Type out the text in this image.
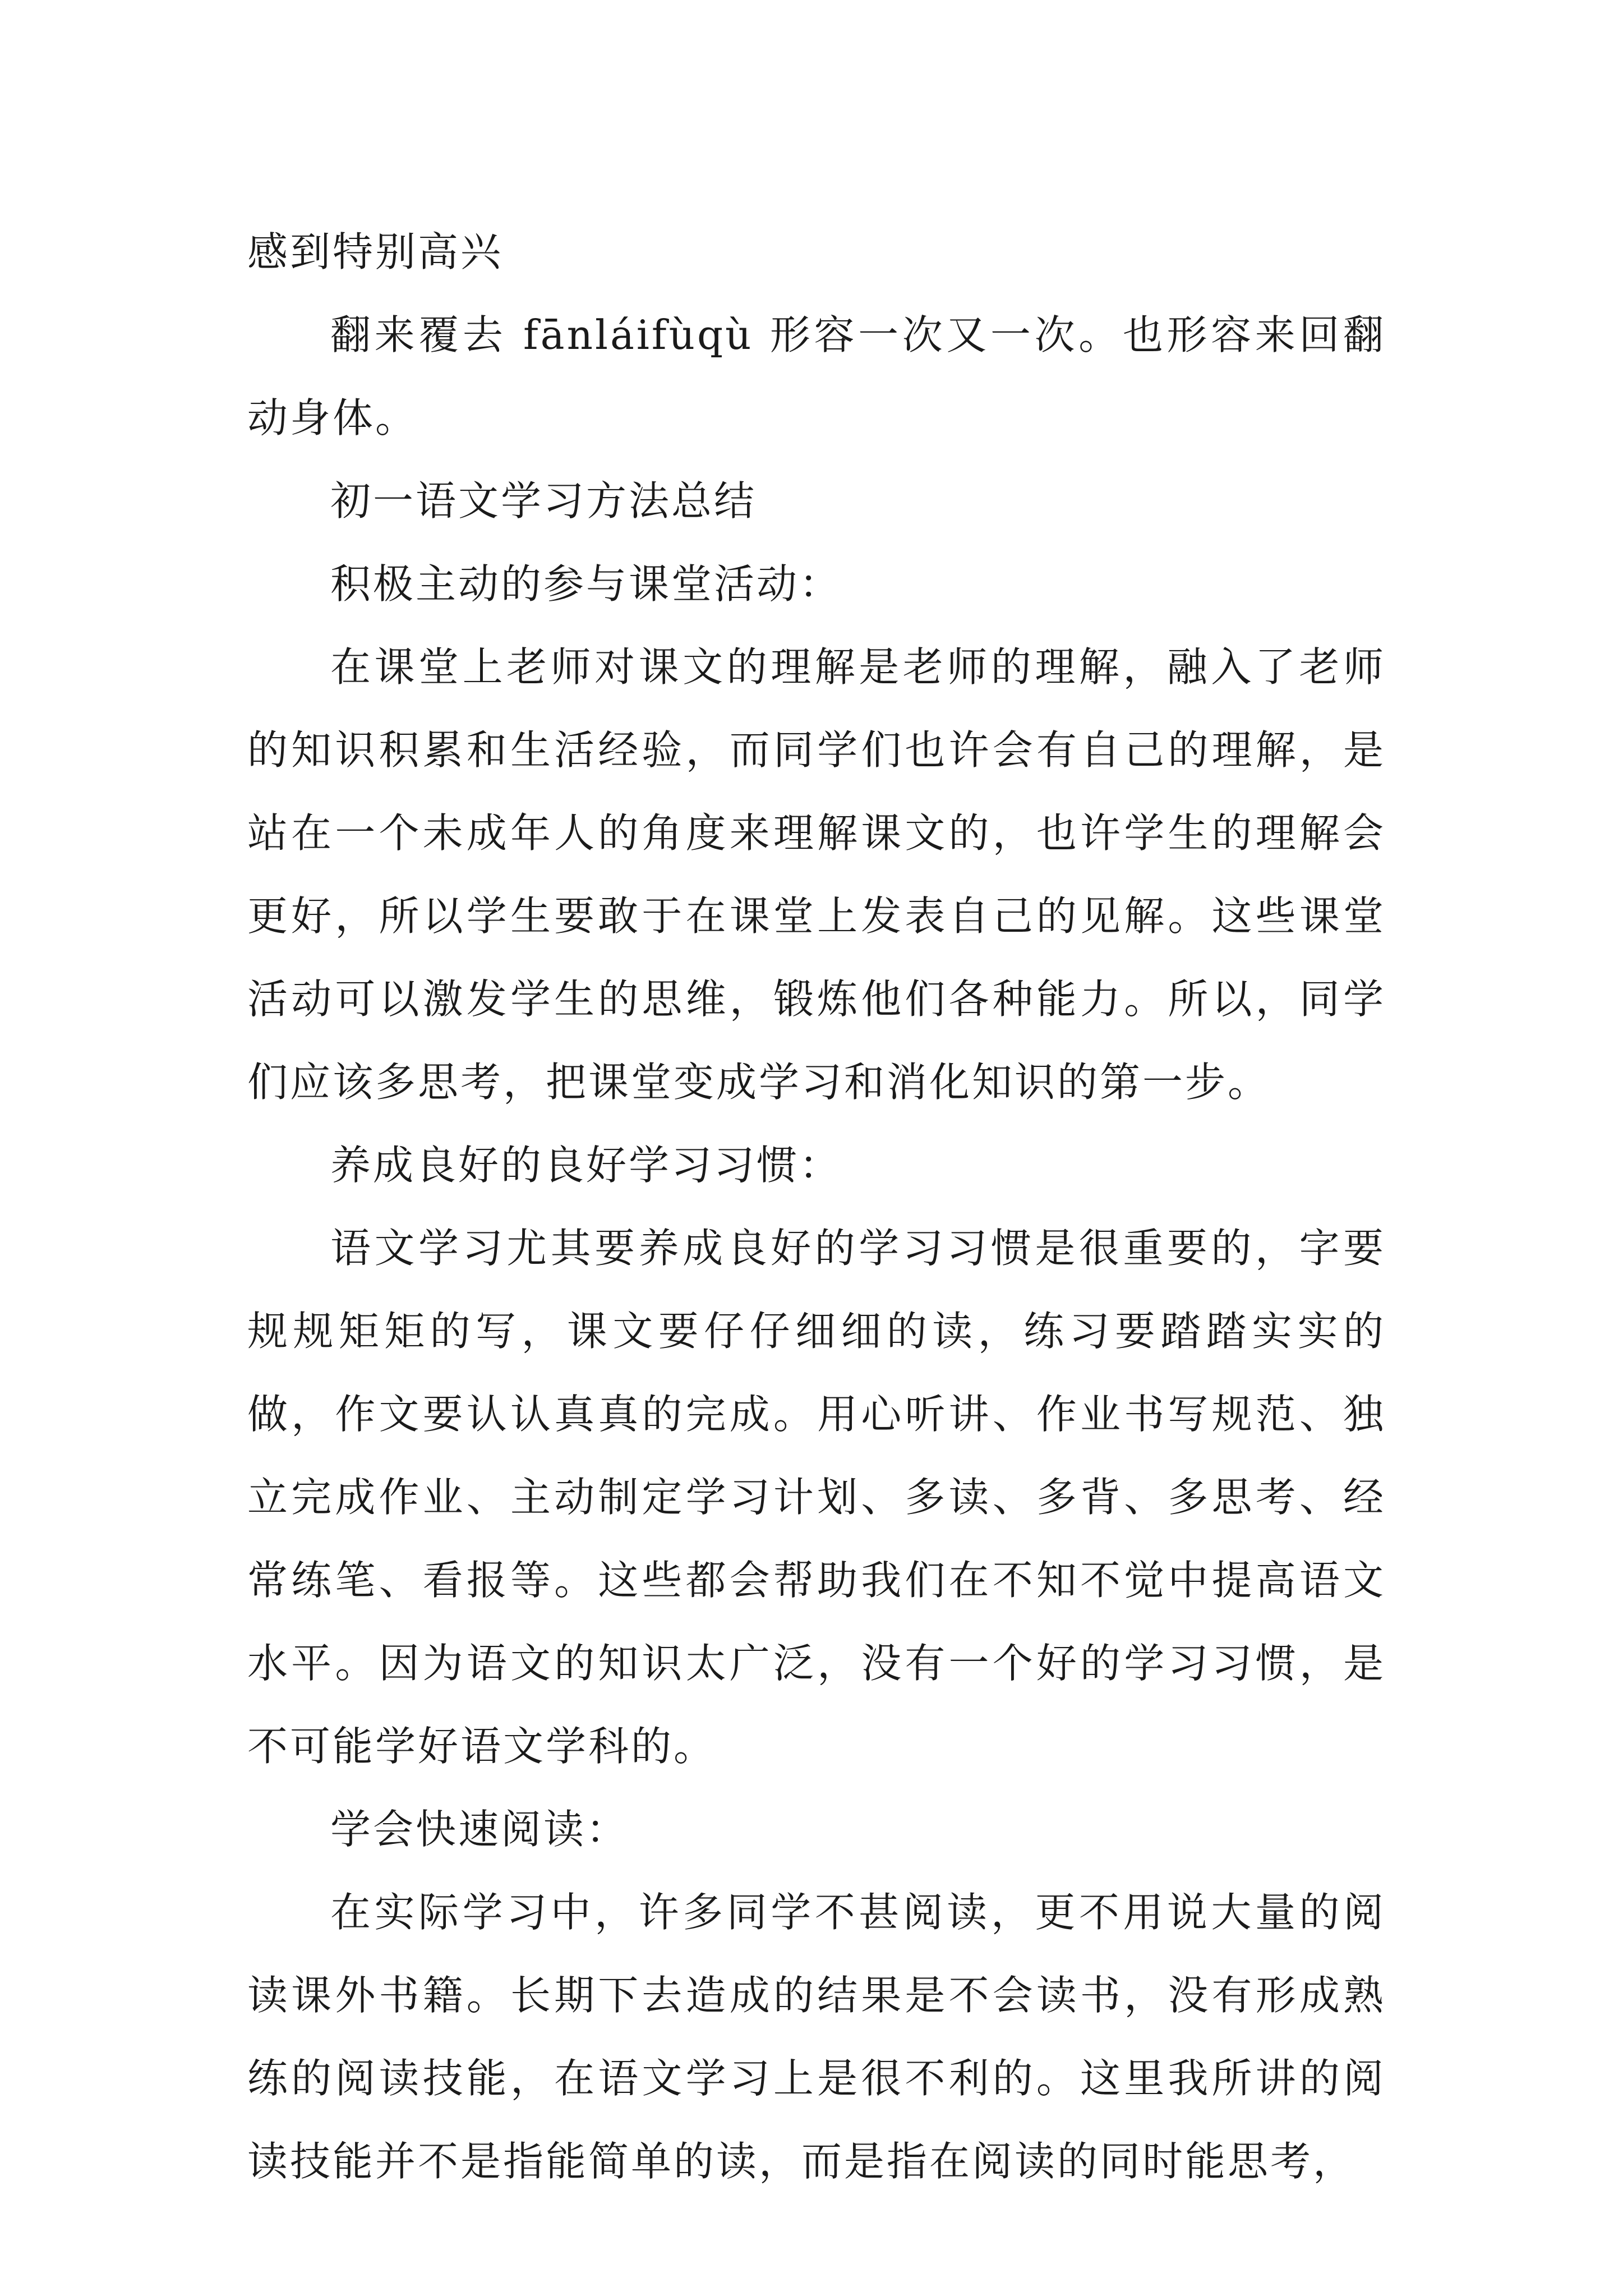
感到特别高兴

翻来覆去 fānláifùqù 形容一次又一次。也形容来回翻动身体。

初一语文学习方法总结

积极主动的参与课堂活动：

在课堂上老师对课文的理解是老师的理解，融入了老师的知识积累和生活经验，而同学们也许会有自己的理解，是站在一个未成年人的角度来理解课文的，也许学生的理解会更好，所以学生要敢于在课堂上发表自己的见解。这些课堂活动可以激发学生的思维，锻炼他们各种能力。所以，同学们应该多思考，把课堂变成学习和消化知识的第一步。

养成良好的良好学习习惯：

语文学习尤其要养成良好的学习习惯是很重要的，字要规规矩矩的写，课文要仔仔细细的读，练习要踏踏实实的做，作文要认认真真的完成。用心听讲、作业书写规范、独立完成作业、主动制定学习计划、多读、多背、多思考、经常练笔、看报等。这些都会帮助我们在不知不觉中提高语文水平。因为语文的知识太广泛，没有一个好的学习习惯，是不可能学好语文学科的。

学会快速阅读：

在实际学习中，许多同学不甚阅读，更不用说大量的阅读课外书籍。长期下去造成的结果是不会读书，没有形成熟练的阅读技能，在语文学习上是很不利的。这里我所讲的阅读技能并不是指能简单的读，而是指在阅读的同时能思考，
